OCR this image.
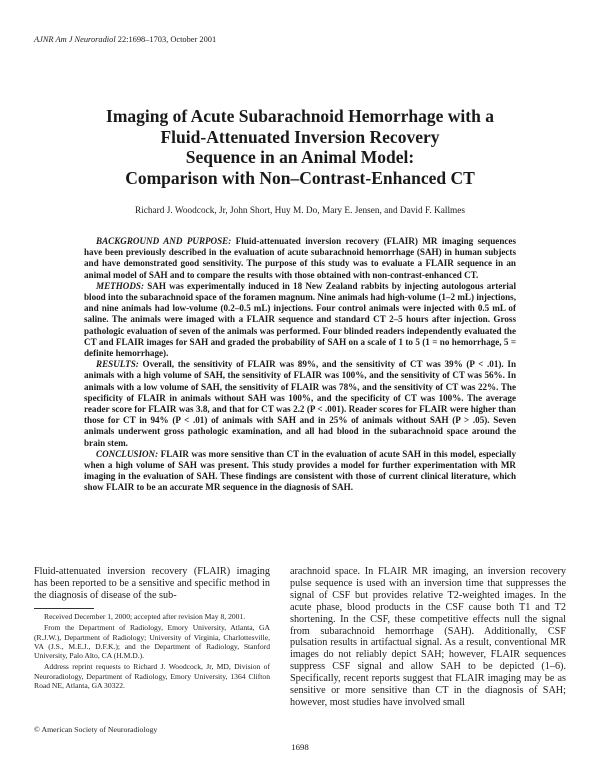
AJNR Am J Neuroradiol 22:1698–1703, October 2001
Imaging of Acute Subarachnoid Hemorrhage with a
Fluid-Attenuated Inversion Recovery
Sequence in an Animal Model:
Comparison with Non–Contrast-Enhanced CT
Richard J. Woodcock, Jr, John Short, Huy M. Do, Mary E. Jensen, and David F. Kallmes

BACKGROUND AND PURPOSE: Fluid-attenuated inversion recovery (FLAIR) MR imaging sequences have been previously described in the evaluation of acute subarachnoid hemorrhage (SAH) in human subjects and have demonstrated good sensitivity. The purpose of this study was to evaluate a FLAIR sequence in an animal model of SAH and to compare the results with those obtained with non-contrast-enhanced CT.

METHODS: SAH was experimentally induced in 18 New Zealand rabbits by injecting autologous arterial blood into the subarachnoid space of the foramen magnum. Nine animals had high-volume (1–2 mL) injections, and nine animals had low-volume (0.2–0.5 mL) injections. Four control animals were injected with 0.5 mL of saline. The animals were imaged with a FLAIR sequence and standard CT 2–5 hours after injection. Gross pathologic evaluation of seven of the animals was performed. Four blinded readers independently evaluated the CT and FLAIR images for SAH and graded the probability of SAH on a scale of 1 to 5 (1 = no hemorrhage, 5 = definite hemorrhage).

RESULTS: Overall, the sensitivity of FLAIR was 89%, and the sensitivity of CT was 39% (P < .01). In animals with a high volume of SAH, the sensitivity of FLAIR was 100%, and the sensitivity of CT was 56%. In animals with a low volume of SAH, the sensitivity of FLAIR was 78%, and the sensitivity of CT was 22%. The specificity of FLAIR in animals without SAH was 100%, and the specificity of CT was 100%. The average reader score for FLAIR was 3.8, and that for CT was 2.2 (P < .001). Reader scores for FLAIR were higher than those for CT in 94% (P < .01) of animals with SAH and in 25% of animals without SAH (P > .05). Seven animals underwent gross pathologic examination, and all had blood in the subarachnoid space around the brain stem.

CONCLUSION: FLAIR was more sensitive than CT in the evaluation of acute SAH in this model, especially when a high volume of SAH was present. This study provides a model for further experimentation with MR imaging in the evaluation of SAH. These findings are consistent with those of current clinical literature, which show FLAIR to be an accurate MR sequence in the diagnosis of SAH.

Fluid-attenuated inversion recovery (FLAIR) imaging has been reported to be a sensitive and specific method in the diagnosis of disease of the sub-

Received December 1, 2000; accepted after revision May 8, 2001.

From the Department of Radiology, Emory University, Atlanta, GA (R.J.W.), Department of Radiology; University of Virginia, Charlottesville, VA (J.S., M.E.J., D.F.K.); and the Department of Radiology, Stanford University, Palo Alto, CA (H.M.D.).

Address reprint requests to Richard J. Woodcock, Jr, MD, Division of Neuroradiology, Department of Radiology, Emory University, 1364 Clifton Road NE, Atlanta, GA 30322.

© American Society of Neuroradiology

arachnoid space. In FLAIR MR imaging, an inversion recovery pulse sequence is used with an inversion time that suppresses the signal of CSF but provides relative T2-weighted images. In the acute phase, blood products in the CSF cause both T1 and T2 shortening. In the CSF, these competitive effects null the signal from subarachnoid hemorrhage (SAH). Additionally, CSF pulsation results in artifactual signal. As a result, conventional MR images do not reliably depict SAH; however, FLAIR sequences suppress CSF signal and allow SAH to be depicted (1–6). Specifically, recent reports suggest that FLAIR imaging may be as sensitive or more sensitive than CT in the diagnosis of SAH; however, most studies have involved small

1698
